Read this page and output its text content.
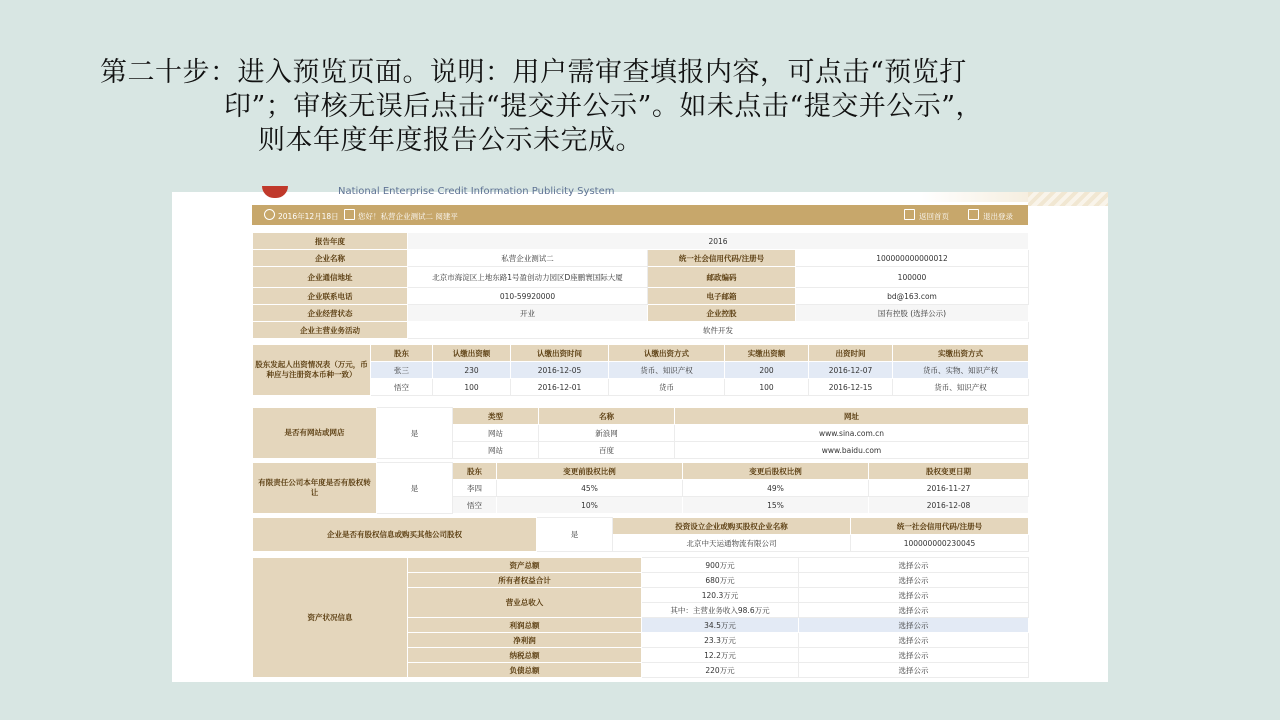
第二十步：进入预览页面。说明：用户需审查填报内容，可点击“预览打
印”；审核无误后点击“提交并公示”。如未点击“提交并公示”，
则本年度年度报告公示未完成。
National Enterprise Credit Information Publicity System
2016年12月18日	您好！私营企业测试二 阅建平	返回首页	退出登录
报告年度	2016		
企业名称	私营企业测试二	统一社会信用代码/注册号	100000000000012
企业通信地址	北京市海淀区上地东路1号盈创动力园区D座鹏寰国际大厦	邮政编码	100000
企业联系电话	010-59920000	电子邮箱	bd@163.com
企业经营状态	开业	企业控股	国有控股 (选择公示)
企业主营业务活动	软件开发		
股东发起人出资情况表（万元，币种应与注册资本币种一致）	股东	认缴出资额	认缴出资时间	认缴出资方式	实缴出资额	出资时间	实缴出资方式
	张三	230	2016-12-05	货币、知识产权	200	2016-12-07	货币、实物、知识产权
	悟空	100	2016-12-01	货币	100	2016-12-15	货币、知识产权
是否有网站或网店	是	类型	名称	网址
		网站	新浪网	www.sina.com.cn
		网站	百度	www.baidu.com
有限责任公司本年度是否有股权转让	是	股东	变更前股权比例	变更后股权比例	股权变更日期
		李四	45%	49%	2016-11-27
		悟空	10%	15%	2016-12-08
企业是否有股权信息或购买其他公司股权	是	投资设立企业或购买股权企业名称	统一社会信用代码/注册号
		北京中天运通物流有限公司	100000000230045
资产状况信息	资产总额	900万元	选择公示
	所有者权益合计	680万元	选择公示
	营业总收入	120.3万元	选择公示
		其中：主营业务收入98.6万元	选择公示
	利润总额	34.5万元	选择公示
	净利润	23.3万元	选择公示
	纳税总额	12.2万元	选择公示
	负债总额	220万元	选择公示
